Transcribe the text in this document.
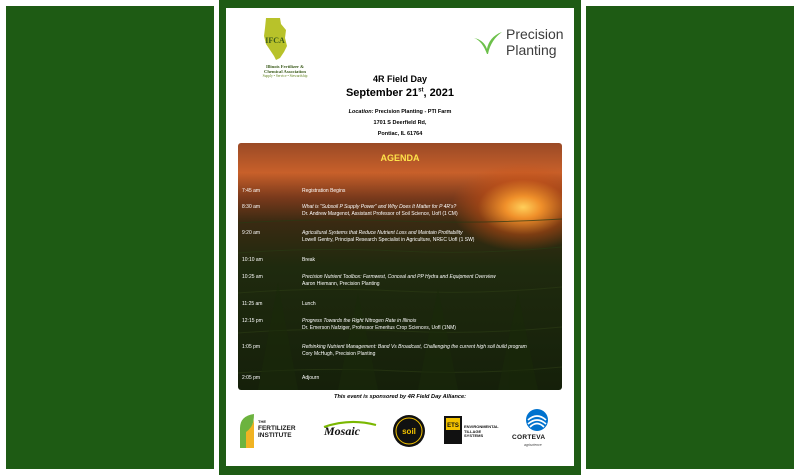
IFCA
Illinois Fertilizer &
Chemical Association
Supply • Service • Stewardship
Precision
Planting
4R Field Day
September 21st, 2021
Location: Precision Planting - PTI Farm
1701 S Deerfield Rd,
Pontiac, IL 61764
AGENDA
7:45 am	Registration Begins
8:30 am	What is “Subsoil P Supply Power” and Why Does It Matter for P 4R’s?
Dr. Andrew Margenot, Assistant Professor of Soil Science, UofI (1 CM)
9:20 am	Agricultural Systems that Reduce Nutrient Loss and Maintain Profitability
Lowell Gentry, Principal Research Specialist in Agriculture, NREC UofI (1 SW)
10:10 am	Break
10:25 am	Precision Nutrient Toolbox: Farmwest, Conceal and PP Hydra and Equipment Overview
Aaron Hiemann, Precision Planting
11:25 am	Lunch
12:15 pm	Progress Towards the Right Nitrogen Rate in Illinois
Dr. Emerson Nafziger, Professor Emeritus Crop Sciences, UofI (1NM)
1:05 pm	Rethinking Nutrient Management: Band Vs Broadcast, Challenging the current high soil build program
Cory McHugh, Precision Planting
2:05 pm	Adjourn
This event is sponsored by 4R Field Day Alliance:
THE
FERTILIZER
INSTITUTE	Mosaic	soil
ETS ENVIRONMENTAL
TILLAGE SYSTEMS	CORTEVA
agriscience
